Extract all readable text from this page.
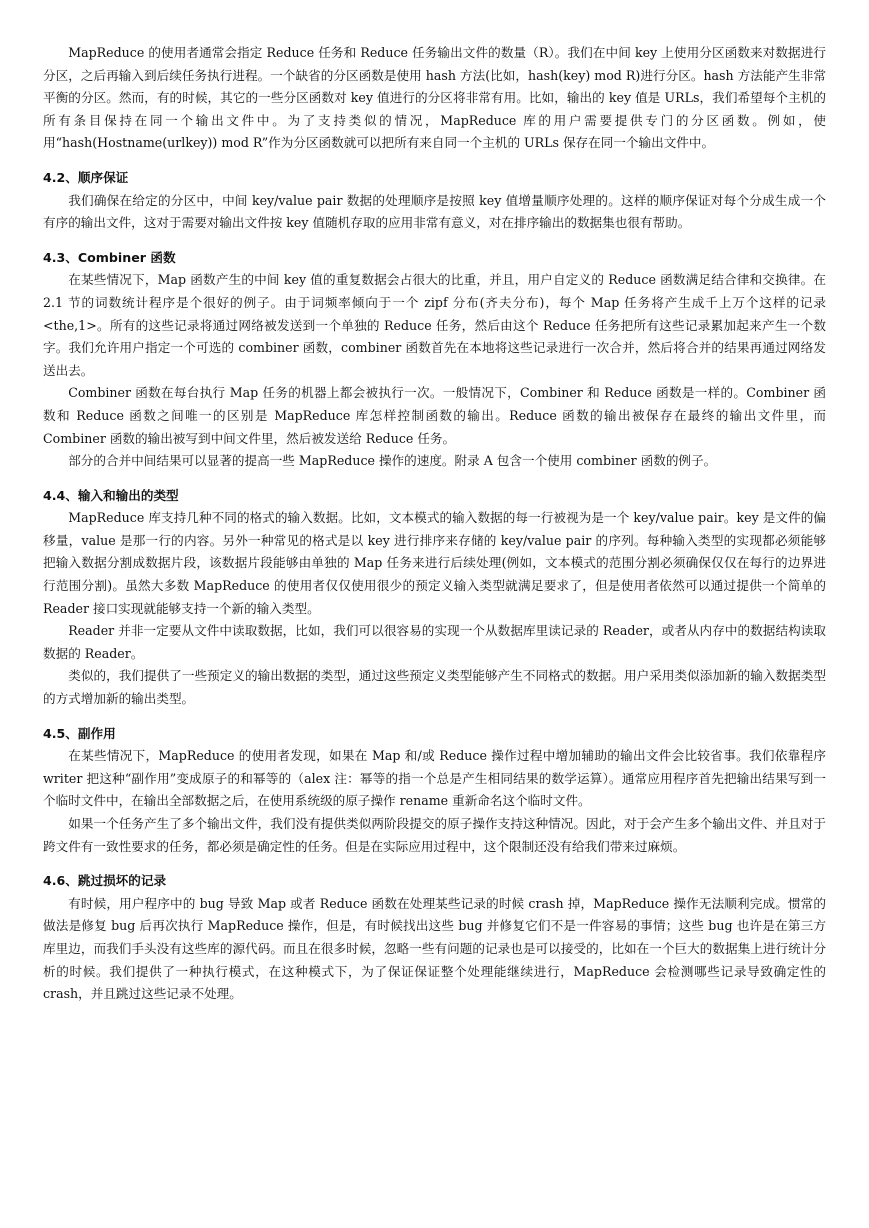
MapReduce 的使用者通常会指定 Reduce 任务和 Reduce 任务输出文件的数量（R）。我们在中间 key 上使用分区函数来对数据进行分区，之后再输入到后续任务执行进程。一个缺省的分区函数是使用 hash 方法(比如，hash(key) mod R)进行分区。hash 方法能产生非常平衡的分区。然而，有的时候，其它的一些分区函数对 key 值进行的分区将非常有用。比如，输出的 key 值是 URLs，我们希望每个主机的所有条目保持在同一个输出文件中。为了支持类似的情况，MapReduce 库的用户需要提供专门的分区函数。例如，使用“hash(Hostname(urlkey)) mod R”作为分区函数就可以把所有来自同一个主机的 URLs 保存在同一个输出文件中。

4.2、顺序保证

我们确保在给定的分区中，中间 key/value pair 数据的处理顺序是按照 key 值增量顺序处理的。这样的顺序保证对每个分成生成一个有序的输出文件，这对于需要对输出文件按 key 值随机存取的应用非常有意义，对在排序输出的数据集也很有帮助。

4.3、Combiner 函数

在某些情况下，Map 函数产生的中间 key 值的重复数据会占很大的比重，并且，用户自定义的 Reduce 函数满足结合律和交换律。在 2.1 节的词数统计程序是个很好的例子。由于词频率倾向于一个 zipf 分布(齐夫分布)，每个 Map 任务将产生成千上万个这样的记录<the,1>。所有的这些记录将通过网络被发送到一个单独的 Reduce 任务，然后由这个 Reduce 任务把所有这些记录累加起来产生一个数字。我们允许用户指定一个可选的 combiner 函数，combiner 函数首先在本地将这些记录进行一次合并，然后将合并的结果再通过网络发送出去。

Combiner 函数在每台执行 Map 任务的机器上都会被执行一次。一般情况下，Combiner 和 Reduce 函数是一样的。Combiner 函数和 Reduce 函数之间唯一的区别是 MapReduce 库怎样控制函数的输出。Reduce 函数的输出被保存在最终的输出文件里，而 Combiner 函数的输出被写到中间文件里，然后被发送给 Reduce 任务。

部分的合并中间结果可以显著的提高一些 MapReduce 操作的速度。附录 A 包含一个使用 combiner 函数的例子。

4.4、输入和输出的类型

MapReduce 库支持几种不同的格式的输入数据。比如，文本模式的输入数据的每一行被视为是一个 key/value pair。key 是文件的偏移量，value 是那一行的内容。另外一种常见的格式是以 key 进行排序来存储的 key/value pair 的序列。每种输入类型的实现都必须能够把输入数据分割成数据片段，该数据片段能够由单独的 Map 任务来进行后续处理(例如，文本模式的范围分割必须确保仅仅在每行的边界进行范围分割)。虽然大多数 MapReduce 的使用者仅仅使用很少的预定义输入类型就满足要求了，但是使用者依然可以通过提供一个简单的 Reader 接口实现就能够支持一个新的输入类型。

Reader 并非一定要从文件中读取数据，比如，我们可以很容易的实现一个从数据库里读记录的 Reader，或者从内存中的数据结构读取数据的 Reader。

类似的，我们提供了一些预定义的输出数据的类型，通过这些预定义类型能够产生不同格式的数据。用户采用类似添加新的输入数据类型的方式增加新的输出类型。

4.5、副作用

在某些情况下，MapReduce 的使用者发现，如果在 Map 和/或 Reduce 操作过程中增加辅助的输出文件会比较省事。我们依靠程序 writer 把这种“副作用”变成原子的和幂等的（alex 注：幂等的指一个总是产生相同结果的数学运算）。通常应用程序首先把输出结果写到一个临时文件中，在输出全部数据之后，在使用系统级的原子操作 rename 重新命名这个临时文件。

如果一个任务产生了多个输出文件，我们没有提供类似两阶段提交的原子操作支持这种情况。因此，对于会产生多个输出文件、并且对于跨文件有一致性要求的任务，都必须是确定性的任务。但是在实际应用过程中，这个限制还没有给我们带来过麻烦。

4.6、跳过损坏的记录

有时候，用户程序中的 bug 导致 Map 或者 Reduce 函数在处理某些记录的时候 crash 掉，MapReduce 操作无法顺利完成。惯常的做法是修复 bug 后再次执行 MapReduce 操作，但是，有时候找出这些 bug 并修复它们不是一件容易的事情；这些 bug 也许是在第三方库里边，而我们手头没有这些库的源代码。而且在很多时候，忽略一些有问题的记录也是可以接受的，比如在一个巨大的数据集上进行统计分析的时候。我们提供了一种执行模式，在这种模式下，为了保证保证整个处理能继续进行，MapReduce 会检测哪些记录导致确定性的 crash，并且跳过这些记录不处理。
